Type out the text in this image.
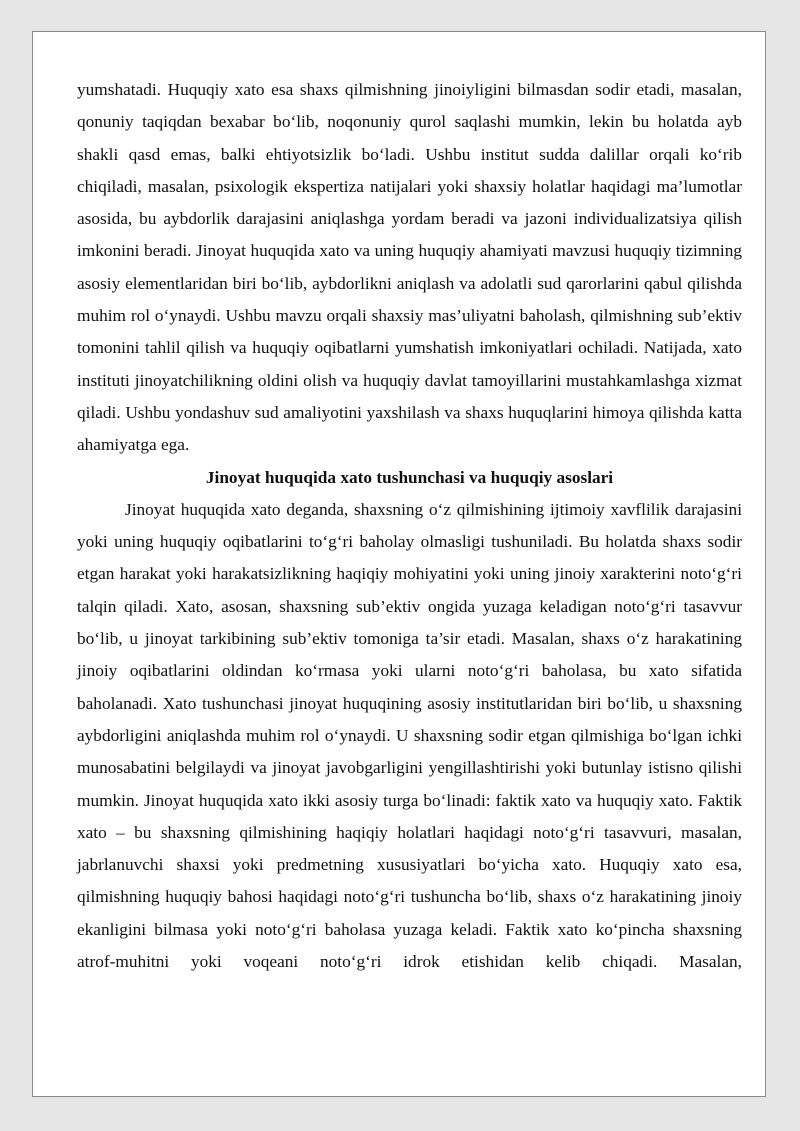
yumshatadi. Huquqiy xato esa shaxs qilmishning jinoiyligini bilmasdan sodir etadi, masalan, qonuniy taqiqdan bexabar bo‘lib, noqonuniy qurol saqlashi mumkin, lekin bu holatda ayb shakli qasd emas, balki ehtiyotsizlik bo‘ladi. Ushbu institut sudda dalillar orqali ko‘rib chiqiladi, masalan, psixologik ekspertiza natijalari yoki shaxsiy holatlar haqidagi ma’lumotlar asosida, bu aybdorlik darajasini aniqlashga yordam beradi va jazoni individualizatsiya qilish imkonini beradi. Jinoyat huquqida xato va uning huquqiy ahamiyati mavzusi huquqiy tizimning asosiy elementlaridan biri bo‘lib, aybdorlikni aniqlash va adolatli sud qarorlarini qabul qilishda muhim rol o‘ynaydi. Ushbu mavzu orqali shaxsiy mas’uliyatni baholash, qilmishning sub’ektiv tomonini tahlil qilish va huquqiy oqibatlarni yumshatish imkoniyatlari ochiladi. Natijada, xato instituti jinoyatchilikning oldini olish va huquqiy davlat tamoyillarini mustahkamlashga xizmat qiladi. Ushbu yondashuv sud amaliyotini yaxshilash va shaxs huquqlarini himoya qilishda katta ahamiyatga ega.

Jinoyat huquqida xato tushunchasi va huquqiy asoslari

Jinoyat huquqida xato deganda, shaxsning o‘z qilmishining ijtimoiy xavflilik darajasini yoki uning huquqiy oqibatlarini to‘g‘ri baholay olmasligi tushuniladi. Bu holatda shaxs sodir etgan harakat yoki harakatsizlikning haqiqiy mohiyatini yoki uning jinoiy xarakterini noto‘g‘ri talqin qiladi. Xato, asosan, shaxsning sub’ektiv ongida yuzaga keladigan noto‘g‘ri tasavvur bo‘lib, u jinoyat tarkibining sub’ektiv tomoniga ta’sir etadi. Masalan, shaxs o‘z harakatining jinoiy oqibatlarini oldindan ko‘rmasa yoki ularni noto‘g‘ri baholasa, bu xato sifatida baholanadi. Xato tushunchasi jinoyat huquqining asosiy institutlaridan biri bo‘lib, u shaxsning aybdorligini aniqlashda muhim rol o‘ynaydi. U shaxsning sodir etgan qilmishiga bo‘lgan ichki munosabatini belgilaydi va jinoyat javobgarligini yengillashtirishi yoki butunlay istisno qilishi mumkin. Jinoyat huquqida xato ikki asosiy turga bo‘linadi: faktik xato va huquqiy xato. Faktik xato – bu shaxsning qilmishining haqiqiy holatlari haqidagi noto‘g‘ri tasavvuri, masalan, jabrlanuvchi shaxsi yoki predmetning xususiyatlari bo‘yicha xato. Huquqiy xato esa, qilmishning huquqiy bahosi haqidagi noto‘g‘ri tushuncha bo‘lib, shaxs o‘z harakatining jinoiy ekanligini bilmasa yoki noto‘g‘ri baholasa yuzaga keladi. Faktik xato ko‘pincha shaxsning atrof-muhitni yoki voqeani noto‘g‘ri idrok etishidan kelib chiqadi. Masalan,
